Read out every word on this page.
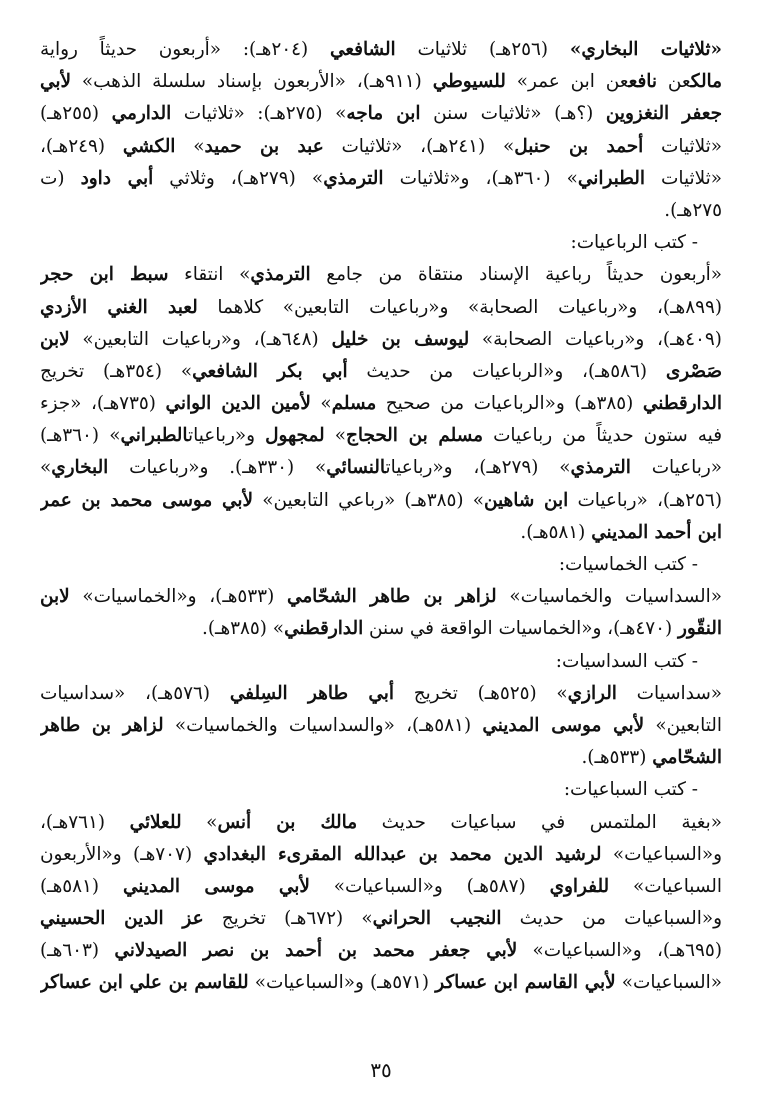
«ثلاثيات البخاري» (٢٥٦هـ) ثلاثيات الشافعي (٢٠٤هـ): «أربعون حديثاً رواية
مالكعن نافععن ابن عمر» للسيوطي (٩١١هـ)، «الأربعون بإسناد سلسلة الذهب» لأبي
جعفر النغزوين (؟هـ) «ثلاثيات سنن ابن ماجه» (٢٧٥هـ): «ثلاثيات الدارمي (٢٥٥هـ)
«ثلاثيات أحمد بن حنبل» (٢٤١هـ)، «ثلاثيات عبد بن حميد» الكشي (٢٤٩هـ)،
«ثلاثيات الطبراني» (٣٦٠هـ)، و«ثلاثيات الترمذي» (٢٧٩هـ)، وثلاثي أبي داود (ت
٢٧٥هـ).
- كتب الرباعيات:
«أربعون حديثاً رباعية الإسناد منتقاة من جامع الترمذي» انتقاء سبط ابن حجر
(٨٩٩هـ)، و«رباعيات الصحابة» و«رباعيات التابعين» كلاهما لعبد الغني الأزدي
(٤٠٩هـ)، و«رباعيات الصحابة» ليوسف بن خليل (٦٤٨هـ)، و«رباعيات التابعين» لابن
صَصْرى (٥٨٦هـ)، و«الرباعيات من حديث أبي بكر الشافعي» (٣٥٤هـ) تخريج
الدارقطني (٣٨٥هـ) و«الرباعيات من صحيح مسلم» لأمين الدين الواني (٧٣٥هـ)، «جزء
فيه ستون حديثاً من رباعيات مسلم بن الحجاج» لمجهول و«رباعياتالطبراني» (٣٦٠هـ)
«رباعيات الترمذي» (٢٧٩هـ)، و«رباعياتالنسائي» (٣٣٠هـ). و«رباعيات البخاري»
(٢٥٦هـ)، «رباعيات ابن شاهين» (٣٨٥هـ) «رباعي التابعين» لأبي موسى محمد بن عمر
ابن أحمد المديني (٥٨١هـ).
- كتب الخماسيات:
«السداسيات والخماسيات» لزاهر بن طاهر الشحّامي (٥٣٣هـ)، و«الخماسيات» لابن
النقّور (٤٧٠هـ)، و«الخماسيات الواقعة في سنن الدارقطني» (٣٨٥هـ).
- كتب السداسيات:
«سداسيات الرازي» (٥٢٥هـ) تخريج أبي طاهر السِلفي (٥٧٦هـ)، «سداسيات
التابعين» لأبي موسى المديني (٥٨١هـ)، «والسداسيات والخماسيات» لزاهر بن طاهر
الشحّامي (٥٣٣هـ).
- كتب السباعيات:
«بغية الملتمس في سباعيات حديث مالك بن أنس» للعلائي (٧٦١هـ)،
و«السباعيات» لرشيد الدين محمد بن عبدالله المقرىء البغدادي (٧٠٧هـ) و«الأربعون
السباعيات» للفراوي (٥٨٧هـ) و«السباعيات» لأبي موسى المديني (٥٨١هـ)
و«السباعيات من حديث النجيب الحراني» (٦٧٢هـ) تخريج عز الدين الحسيني
(٦٩٥هـ)، و«السباعيات» لأبي جعفر محمد بن أحمد بن نصر الصيدلاني (٦٠٣هـ)
«السباعيات» لأبي القاسم ابن عساكر (٥٧١هـ) و«السباعيات» للقاسم بن علي ابن عساكر
٣٥
